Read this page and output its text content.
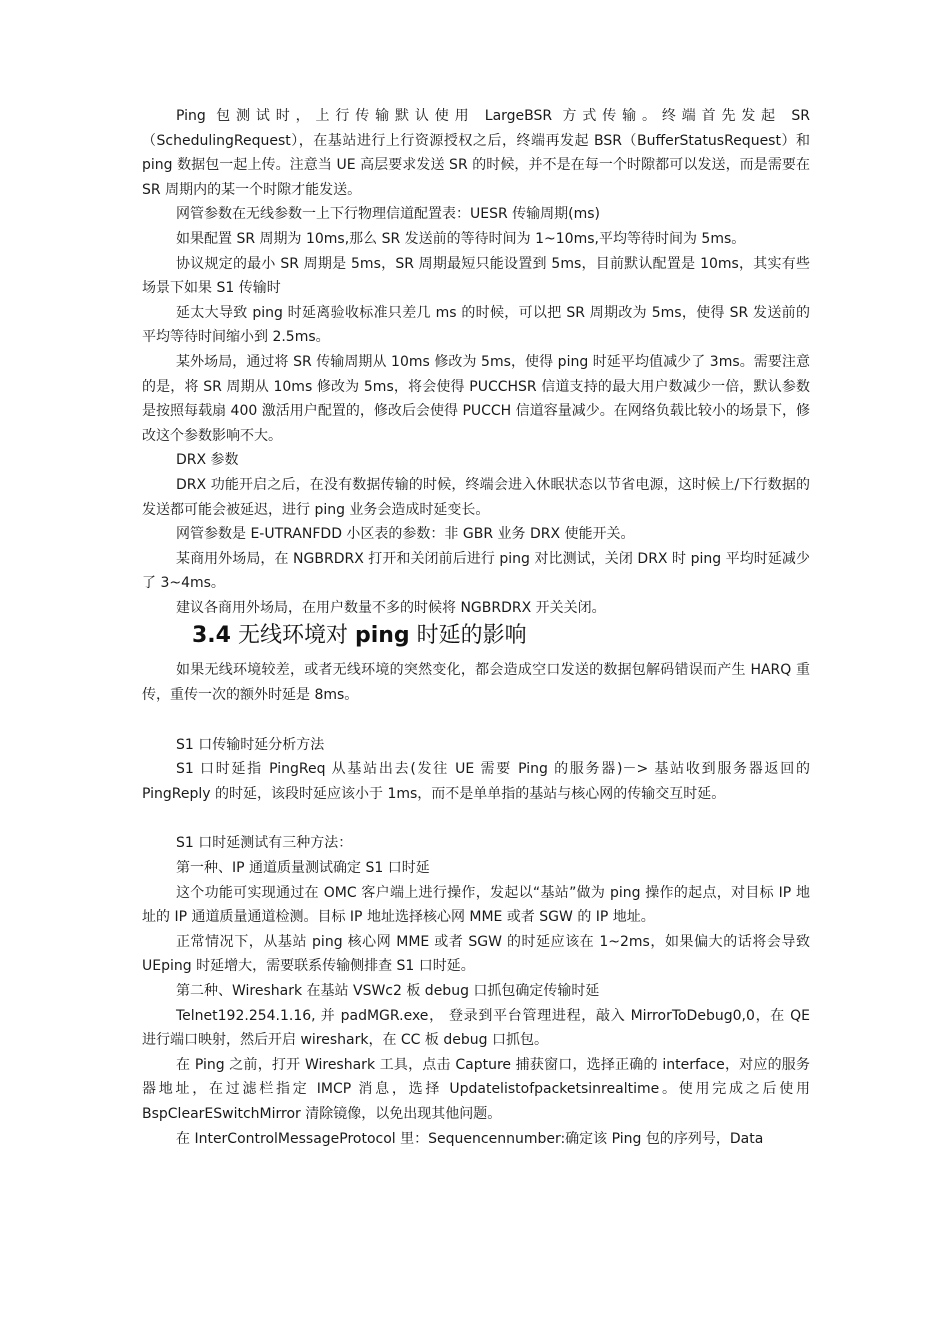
Ping 包测试时，上行传输默认使用 LargeBSR 方式传输。终端首先发起 SR（SchedulingRequest），在基站进行上行资源授权之后，终端再发起 BSR（BufferStatusRequest）和 ping 数据包一起上传。注意当 UE 高层要求发送 SR 的时候，并不是在每一个时隙都可以发送，而是需要在 SR 周期内的某一个时隙才能发送。

网管参数在无线参数一上下行物理信道配置表：UESR 传输周期(ms)

如果配置 SR 周期为 10ms,那么 SR 发送前的等待时间为 1~10ms,平均等待时间为 5ms。

协议规定的最小 SR 周期是 5ms，SR 周期最短只能设置到 5ms，目前默认配置是 10ms，其实有些场景下如果 S1 传输时

延太大导致 ping 时延离验收标准只差几 ms 的时候，可以把 SR 周期改为 5ms，使得 SR 发送前的平均等待时间缩小到 2.5ms。

某外场局，通过将 SR 传输周期从 10ms 修改为 5ms，使得 ping 时延平均值减少了 3ms。需要注意的是，将 SR 周期从 10ms 修改为 5ms，将会使得 PUCCHSR 信道支持的最大用户数减少一倍，默认参数是按照每载扇 400 激活用户配置的，修改后会使得 PUCCH 信道容量减少。在网络负载比较小的场景下，修改这个参数影响不大。

DRX 参数

DRX 功能开启之后，在没有数据传输的时候，终端会进入休眠状态以节省电源，这时候上/下行数据的发送都可能会被延迟，进行 ping 业务会造成时延变长。

网管参数是 E-UTRANFDD 小区表的参数：非 GBR 业务 DRX 使能开关。

某商用外场局，在 NGBRDRX 打开和关闭前后进行 ping 对比测试，关闭 DRX 时 ping 平均时延减少了 3~4ms。

建议各商用外场局，在用户数量不多的时候将 NGBRDRX 开关关闭。

3.4 无线环境对 ping 时延的影响

如果无线环境较差，或者无线环境的突然变化，都会造成空口发送的数据包解码错误而产生 HARQ 重传，重传一次的额外时延是 8ms。

S1 口传输时延分析方法

S1 口时延指 PingReq 从基站出去(发往 UE 需要 Ping 的服务器)－> 基站收到服务器返回的 PingReply 的时延，该段时延应该小于 1ms，而不是单单指的基站与核心网的传输交互时延。

S1 口时延测试有三种方法：

第一种、IP 通道质量测试确定 S1 口时延

这个功能可实现通过在 OMC 客户端上进行操作，发起以“基站”做为 ping 操作的起点，对目标 IP 地址的 IP 通道质量通道检测。目标 IP 地址选择核心网 MME 或者 SGW 的 IP 地址。

正常情况下，从基站 ping 核心网 MME 或者 SGW 的时延应该在 1~2ms，如果偏大的话将会导致 UEping 时延增大，需要联系传输侧排查 S1 口时延。

第二种、Wireshark 在基站 VSWc2 板 debug 口抓包确定传输时延

Telnet192.254.1.16, 并 padMGR.exe， 登录到平台管理进程，敲入 MirrorToDebug0,0，在 QE 进行端口映射，然后开启 wireshark，在 CC 板 debug 口抓包。

在 Ping 之前，打开 Wireshark 工具，点击 Capture 捕获窗口，选择正确的 interface，对应的服务器地址，在过滤栏指定 IMCP 消息，选择 Updatelistofpacketsinrealtime。使用完成之后使用 BspClearESwitchMirror 清除镜像，以免出现其他问题。

在 InterControlMessageProtocol 里：Sequencennumber:确定该 Ping 包的序列号，Data
